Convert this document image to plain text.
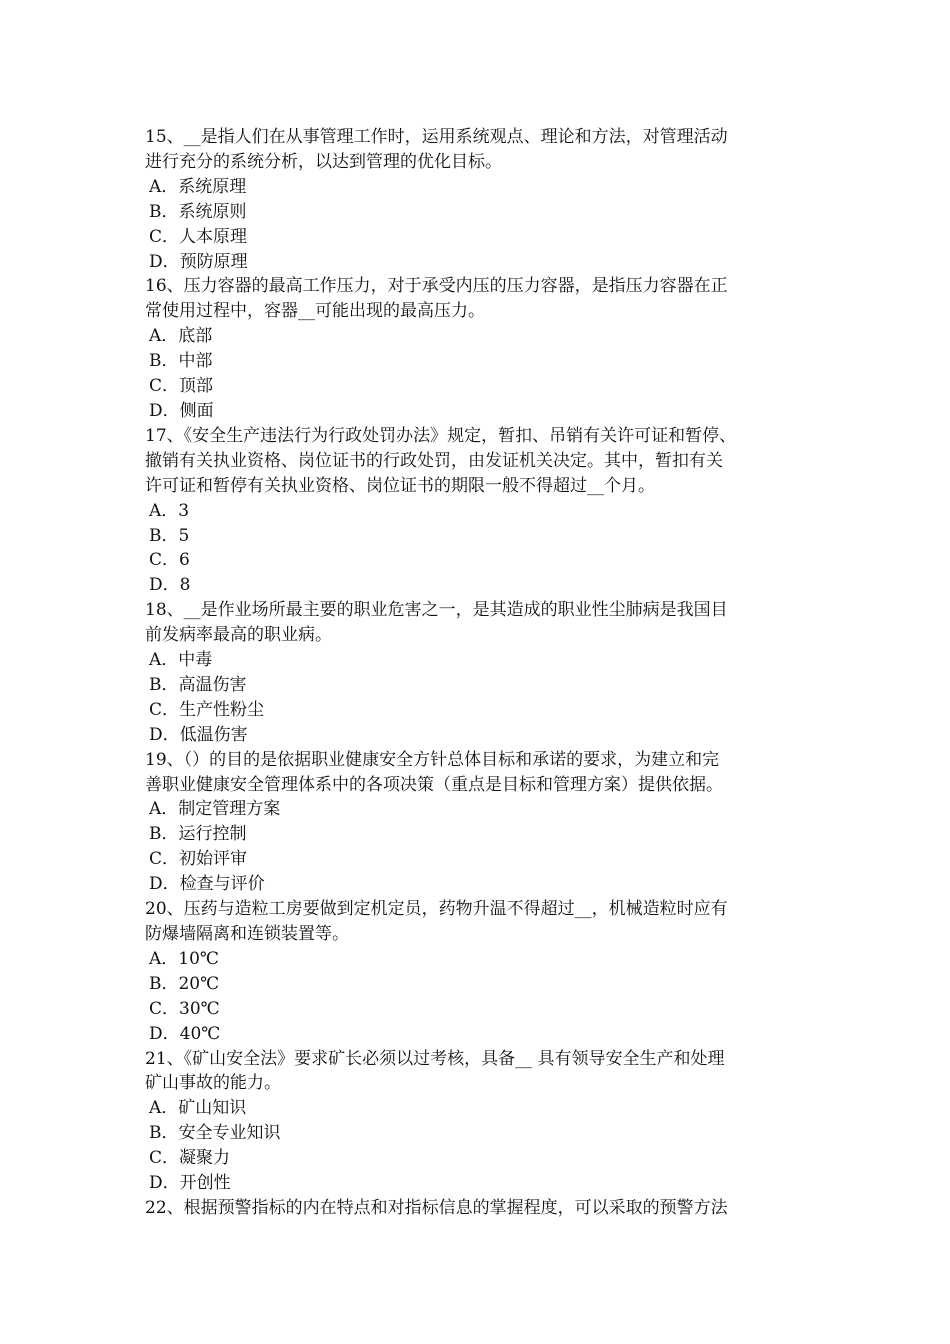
15、__是指人们在从事管理工作时，运用系统观点、理论和方法，对管理活动
进行充分的系统分析，以达到管理的优化目标。
A．系统原理
B．系统原则
C．人本原理
D．预防原理
16、压力容器的最高工作压力，对于承受内压的压力容器，是指压力容器在正
常使用过程中，容器__可能出现的最高压力。
A．底部
B．中部
C．顶部
D．侧面
17、《安全生产违法行为行政处罚办法》规定，暂扣、吊销有关许可证和暂停、
撤销有关执业资格、岗位证书的行政处罚，由发证机关决定。其中，暂扣有关
许可证和暂停有关执业资格、岗位证书的期限一般不得超过__个月。
A．3
B．5
C．6
D．8
18、__是作业场所最主要的职业危害之一，是其造成的职业性尘肺病是我国目
前发病率最高的职业病。
A．中毒
B．高温伤害
C．生产性粉尘
D．低温伤害
19、（）的目的是依据职业健康安全方针总体目标和承诺的要求，为建立和完
善职业健康安全管理体系中的各项决策（重点是目标和管理方案）提供依据。
A．制定管理方案
B．运行控制
C．初始评审
D．检查与评价
20、压药与造粒工房要做到定机定员，药物升温不得超过__，机械造粒时应有
防爆墙隔离和连锁装置等。
A．10℃
B．20℃
C．30℃
D．40℃
21、《矿山安全法》要求矿长必须以过考核，具备__ 具有领导安全生产和处理
矿山事故的能力。
A．矿山知识
B．安全专业知识
C．凝聚力
D．开创性
22、根据预警指标的内在特点和对指标信息的掌握程度，可以采取的预警方法
